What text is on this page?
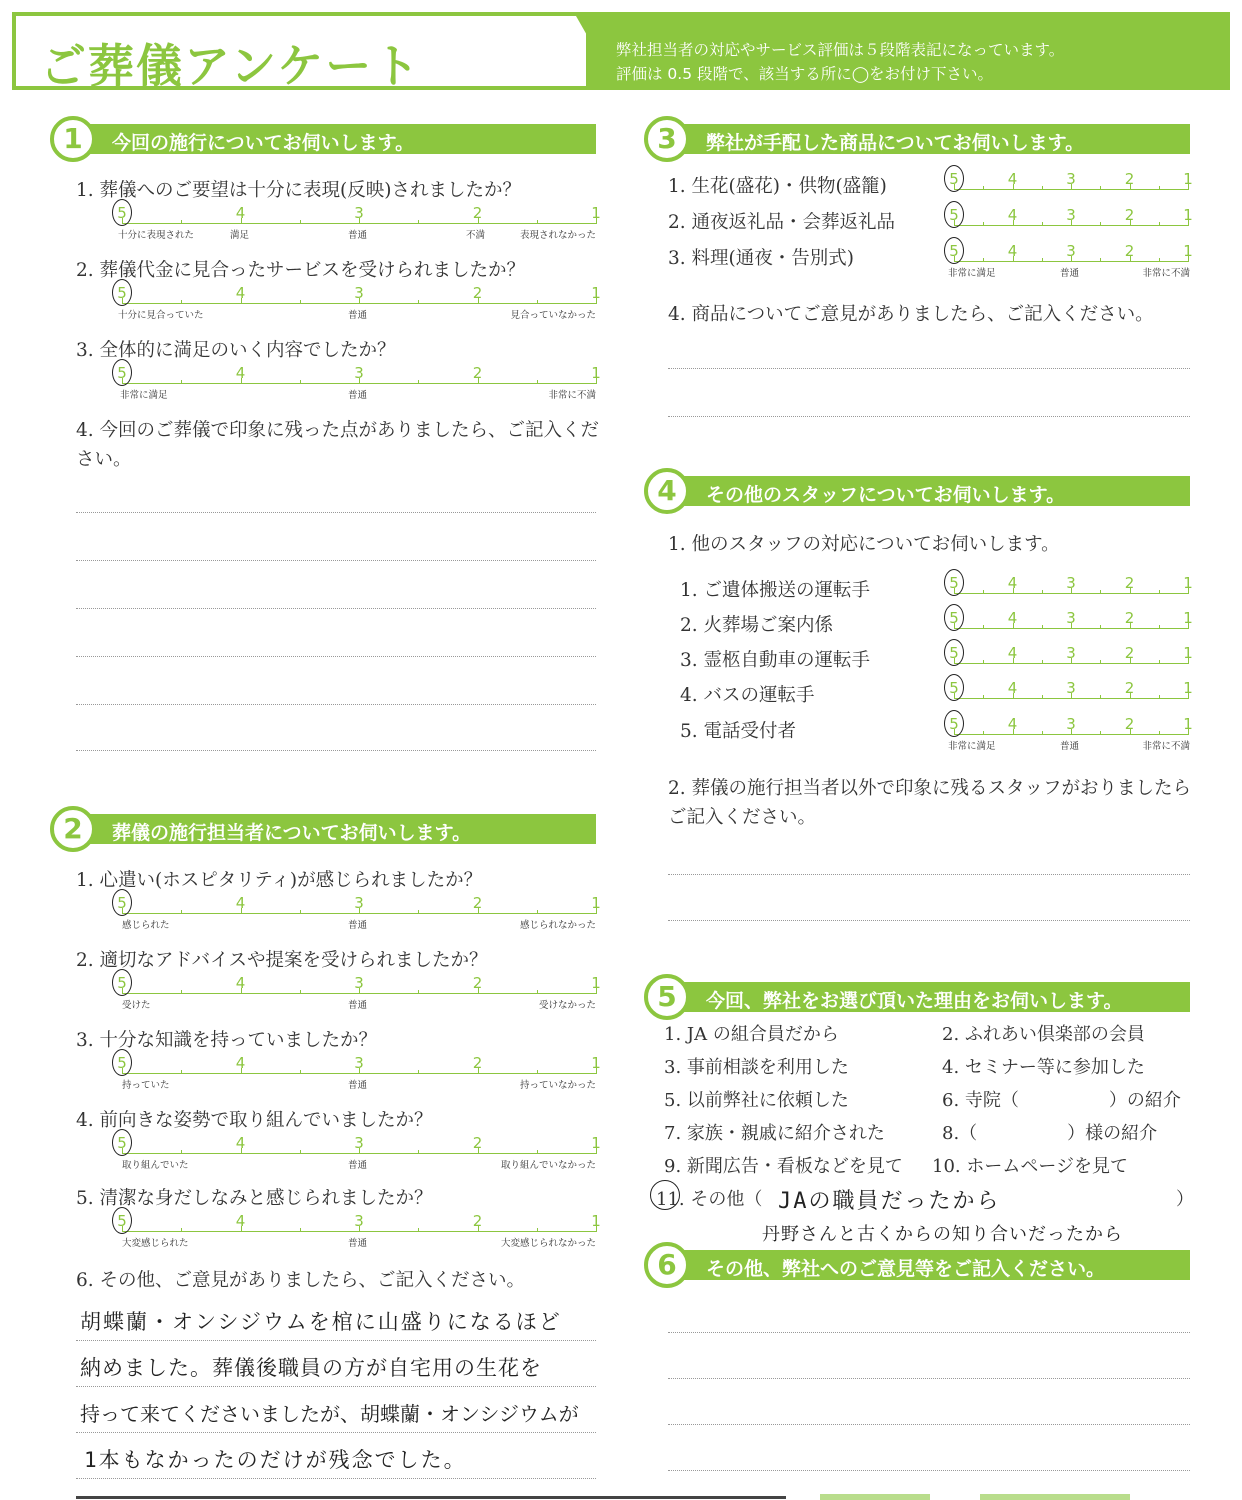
ご葬儀アンケート	弊社担当者の対応やサービス評価は５段階表記になっています。
評価は 0.5 段階で、該当する所に◯をお付け下さい。
今回の施行についてお伺いします。
1
1. 葬儀へのご要望は十分に表現(反映)されましたか？
十分に表現された	満足	普通	不満	表現されなかった
5	4	3	2	1
2. 葬儀代金に見合ったサービスを受けられましたか？
十分に見合っていた	普通	見合っていなかった
5	4	3	2	1
3. 全体的に満足のいく内容でしたか？
非常に満足	普通	非常に不満
5	4	3	2	1
4. 今回のご葬儀で印象に残った点がありましたら、ご記入ください。
葬儀の施行担当者についてお伺いします。
2
1. 心遣い(ホスピタリティ)が感じられましたか？
感じられた	普通	感じられなかった
5	4	3	2	1
2. 適切なアドバイスや提案を受けられましたか？
受けた	普通	受けなかった
5	4	3	2	1
3. 十分な知識を持っていましたか？
持っていた	普通	持っていなかった
5	4	3	2	1
4. 前向きな姿勢で取り組んでいましたか？
取り組んでいた	普通	取り組んでいなかった
5	4	3	2	1
5. 清潔な身だしなみと感じられましたか？
大変感じられた	普通	大変感じられなかった
5	4	3	2	1
6. その他、ご意見がありましたら、ご記入ください。
胡蝶蘭・オンシジウムを棺に山盛りになるほど
納めました。葬儀後職員の方が自宅用の生花を
持って来てくださいましたが、胡蝶蘭・オンシジウムが
1本もなかったのだけが残念でした。
弊社が手配した商品についてお伺いします。
3
1. 生花(盛花)・供物(盛籠)	5	4	3	2	1
2. 通夜返礼品・会葬返礼品	5	4	3	2	1
3. 料理(通夜・告別式)
非常に満足	普通	非常に不満
5	4	3	2	1
4. 商品についてご意見がありましたら、ご記入ください。
その他のスタッフについてお伺いします。
4
1. 他のスタッフの対応についてお伺いします。
1. ご遺体搬送の運転手	5	4	3	2	1
2. 火葬場ご案内係	5	4	3	2	1
3. 霊柩自動車の運転手	5	4	3	2	1
4. バスの運転手	5	4	3	2	1
5. 電話受付者
非常に満足	普通	非常に不満
5	4	3	2	1
2. 葬儀の施行担当者以外で印象に残るスタッフがおりましたらご記入ください。
今回、弊社をお選び頂いた理由をお伺いします。
5
1. JA の組合員だから	2. ふれあい倶楽部の会員
3. 事前相談を利用した	4. セミナー等に参加した
5. 以前弊社に依頼した	6. 寺院（　　　　　）の紹介
7. 家族・親戚に紹介された	8.（　　　　　）様の紹介
9. 新聞広告・看板などを見て 10. ホームページを見て
11. その他（	）
JAの職員だったから
丹野さんと古くからの知り合いだったから
その他、弊社へのご意見等をご記入ください。
6
